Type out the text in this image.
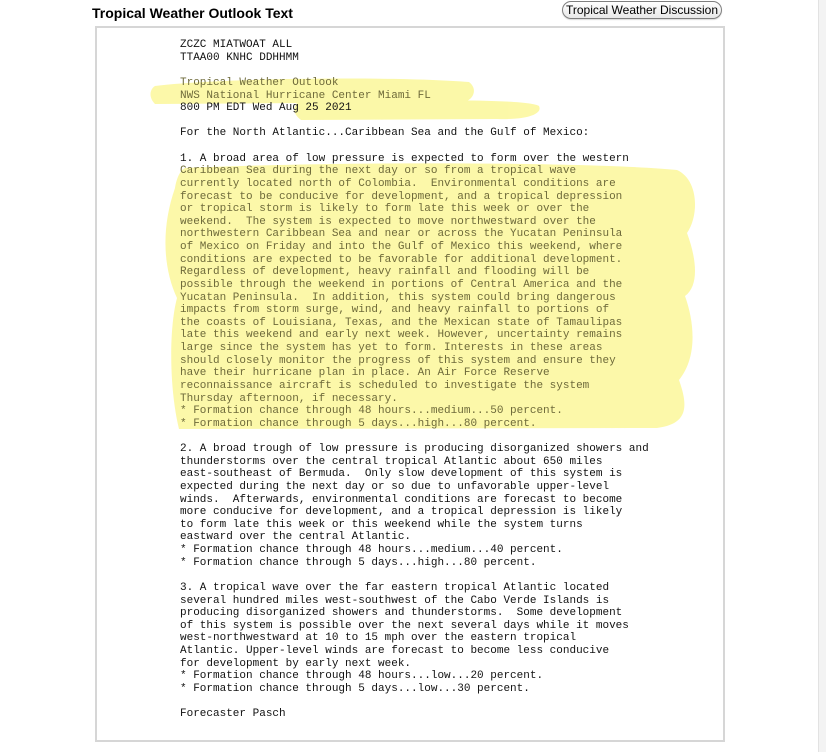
Tropical Weather Outlook Text	Tropical Weather Discussion
ZCZC MIATWOAT ALL
TTAA00 KNHC DDHHMM

Tropical Weather Outlook
NWS National Hurricane Center Miami FL
800 PM EDT Wed Aug 25 2021

For the North Atlantic...Caribbean Sea and the Gulf of Mexico:

1. A broad area of low pressure is expected to form over the western
Caribbean Sea during the next day or so from a tropical wave
currently located north of Colombia.  Environmental conditions are
forecast to be conducive for development, and a tropical depression
or tropical storm is likely to form late this week or over the
weekend.  The system is expected to move northwestward over the
northwestern Caribbean Sea and near or across the Yucatan Peninsula
of Mexico on Friday and into the Gulf of Mexico this weekend, where
conditions are expected to be favorable for additional development.
Regardless of development, heavy rainfall and flooding will be
possible through the weekend in portions of Central America and the
Yucatan Peninsula.  In addition, this system could bring dangerous
impacts from storm surge, wind, and heavy rainfall to portions of
the coasts of Louisiana, Texas, and the Mexican state of Tamaulipas
late this weekend and early next week. However, uncertainty remains
large since the system has yet to form. Interests in these areas
should closely monitor the progress of this system and ensure they
have their hurricane plan in place. An Air Force Reserve
reconnaissance aircraft is scheduled to investigate the system
Thursday afternoon, if necessary.
* Formation chance through 48 hours...medium...50 percent.
* Formation chance through 5 days...high...80 percent.

2. A broad trough of low pressure is producing disorganized showers and
thunderstorms over the central tropical Atlantic about 650 miles
east-southeast of Bermuda.  Only slow development of this system is
expected during the next day or so due to unfavorable upper-level
winds.  Afterwards, environmental conditions are forecast to become
more conducive for development, and a tropical depression is likely
to form late this week or this weekend while the system turns
eastward over the central Atlantic.
* Formation chance through 48 hours...medium...40 percent.
* Formation chance through 5 days...high...80 percent.

3. A tropical wave over the far eastern tropical Atlantic located
several hundred miles west-southwest of the Cabo Verde Islands is
producing disorganized showers and thunderstorms.  Some development
of this system is possible over the next several days while it moves
west-northwestward at 10 to 15 mph over the eastern tropical
Atlantic. Upper-level winds are forecast to become less conducive
for development by early next week.
* Formation chance through 48 hours...low...20 percent.
* Formation chance through 5 days...low...30 percent.

Forecaster Pasch
